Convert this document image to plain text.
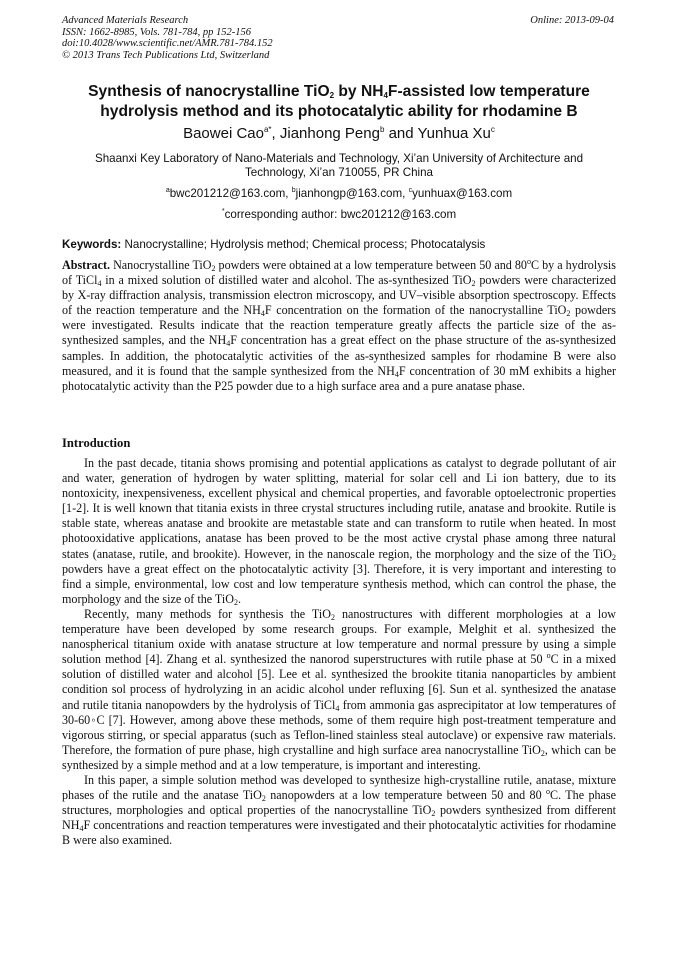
Advanced Materials Research
ISSN: 1662-8985, Vols. 781-784, pp 152-156
doi:10.4028/www.scientific.net/AMR.781-784.152
© 2013 Trans Tech Publications Ltd, Switzerland
Online: 2013-09-04
Synthesis of nanocrystalline TiO$_2$ by $NH_4F$-assisted low temperature
hydrolysis method and its photocatalytic ability for rhodamine B
Baowei Cao$^{a*}$, Jianhong Peng$^b$ and Yunhua Xu$^c$
Shaanxi Key Laboratory of Nano-Materials and Technology, Xi’an University of Architecture and
Technology, Xi’an 710055, PR China
$^a$bwc201212@163.com, $^b$jianhongp@163.com, $^c$yunhuax@163.com
*corresponding author: bwc201212@163.com
Keywords: Nanocrystalline; Hydrolysis method; Chemical process; Photocatalysis
Abstract. Nanocrystalline TiO$_2$ powders were obtained at a low temperature between 50 and 80$^o$C by a hydrolysis of TiCl$_4$ in a mixed solution of distilled water and alcohol. The as-synthesized TiO$_2$ powders were characterized by X-ray diffraction analysis, transmission electron microscopy, and UV–visible absorption spectroscopy. Effects of the reaction temperature and the $NH_4F$ concentration on the formation of the nanocrystalline TiO$_2$ powders were investigated. Results indicate that the reaction temperature greatly affects the particle size of the as-synthesized samples, and the $NH_4F$ concentration has a great effect on the phase structure of the as-synthesized samples. In addition, the photocatalytic activities of the as-synthesized samples for rhodamine B were also measured, and it is found that the sample synthesized from the $NH_4F$ concentration of 30 mM exhibits a higher photocatalytic activity than the P25 powder due to a high surface area and a pure anatase phase.
Introduction

In the past decade, titania shows promising and potential applications as catalyst to degrade pollutant of air and water, generation of hydrogen by water splitting, material for solar cell and Li ion battery, due to its nontoxicity, inexpensiveness, excellent physical and chemical properties, and favorable optoelectronic properties [1-2]. It is well known that titania exists in three crystal structures including rutile, anatase and brookite. Rutile is stable state, whereas anatase and brookite are metastable state and can transform to rutile when heated. In most photooxidative applications, anatase has been proved to be the most active crystal phase among three natural states (anatase, rutile, and brookite). However, in the nanoscale region, the morphology and the size of the TiO$_2$ powders have a great effect on the photocatalytic activity [3]. Therefore, it is very important and interesting to find a simple, environmental, low cost and low temperature synthesis method, which can control the phase, the morphology and the size of the TiO$_2$.

Recently, many methods for synthesis the TiO$_2$ nanostructures with different morphologies at a low temperature have been developed by some research groups. For example, Melghit et al. synthesized the nanospherical titanium oxide with anatase structure at low temperature and normal pressure by using a simple solution method [4]. Zhang et al. synthesized the nanorod superstructures with rutile phase at 50 $^o$C in a mixed solution of distilled water and alcohol [5]. Lee et al. synthesized the brookite titania nanoparticles by ambient condition sol process of hydrolyzing in an acidic alcohol under refluxing [6]. Sun et al. synthesized the anatase and rutile titania nanopowders by the hydrolysis of TiCl$_4$ from ammonia gas asprecipitator at low temperatures of 30-60◦C [7]. However, among above these methods, some of them require high post-treatment temperature and vigorous stirring, or special apparatus (such as Teflon-lined stainless steal autoclave) or expensive raw materials. Therefore, the formation of pure phase, high crystalline and high surface area nanocrystalline TiO$_2$, which can be synthesized by a simple method and at a low temperature, is important and interesting.

In this paper, a simple solution method was developed to synthesize high-crystalline rutile, anatase, mixture phases of the rutile and the anatase TiO$_2$ nanopowders at a low temperature between 50 and 80 $^o$C. The phase structures, morphologies and optical properties of the nanocrystalline TiO$_2$ powders synthesized from different $NH_4F$ concentrations and reaction temperatures were investigated and their photocatalytic activities for rhodamine B were also examined.
